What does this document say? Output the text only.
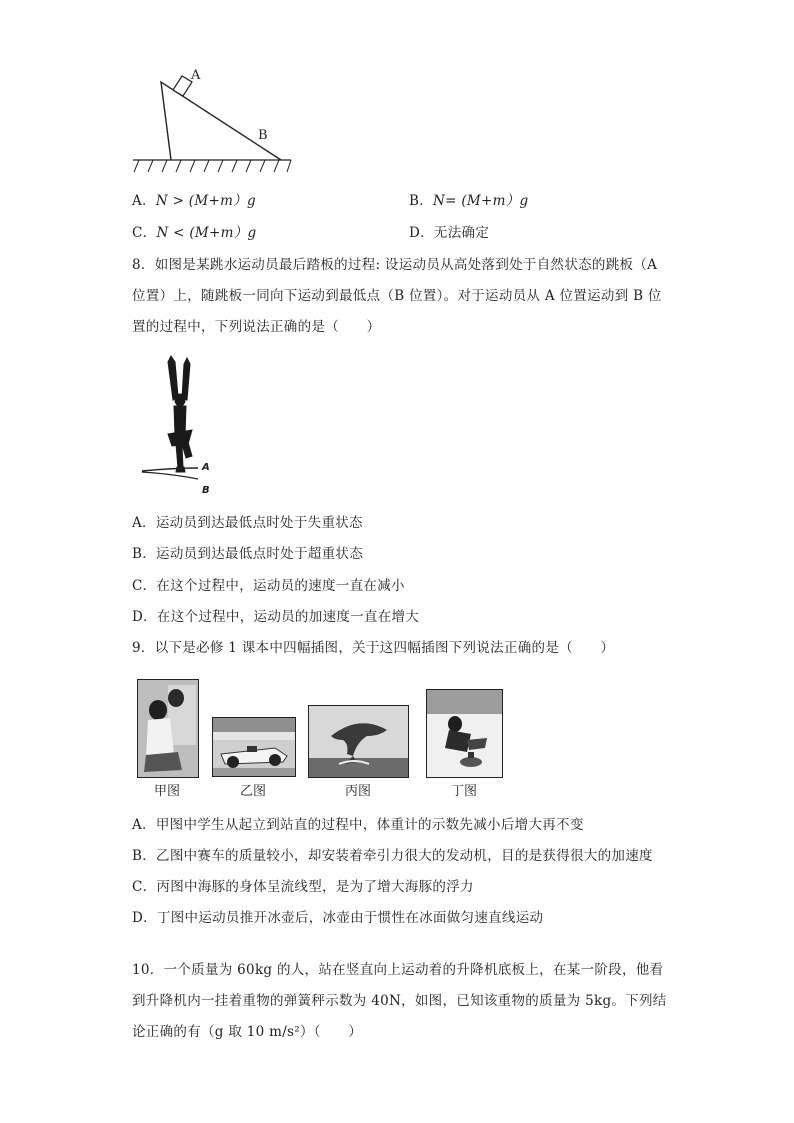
A
B
A．N > (M+m）g	B．N= (M+m）g
C．N < (M+m）g	D．无法确定
8．如图是某跳水运动员最后踏板的过程: 设运动员从高处落到处于自然状态的跳板（A
位置）上，随跳板一同向下运动到最低点（B 位置）。对于运动员从 A 位置运动到 B 位
置的过程中，下列说法正确的是（　　）
A
B
A．运动员到达最低点时处于失重状态
B．运动员到达最低点时处于超重状态
C．在这个过程中，运动员的速度一直在减小
D．在这个过程中，运动员的加速度一直在增大
9．以下是必修 1 课本中四幅插图，关于这四幅插图下列说法正确的是（　　）
甲图	乙图	丙图	丁图
A．甲图中学生从起立到站直的过程中，体重计的示数先减小后增大再不变
B．乙图中赛车的质量较小，却安装着牵引力很大的发动机，目的是获得很大的加速度
C．丙图中海豚的身体呈流线型，是为了增大海豚的浮力
D．丁图中运动员推开冰壶后，冰壶由于惯性在冰面做匀速直线运动
10．一个质量为 60kg 的人，站在竖直向上运动着的升降机底板上，在某一阶段，他看
到升降机内一挂着重物的弹簧秤示数为 40N，如图，已知该重物的质量为 5kg。下列结
论正确的有（g 取 10 m/s²）（　　）
